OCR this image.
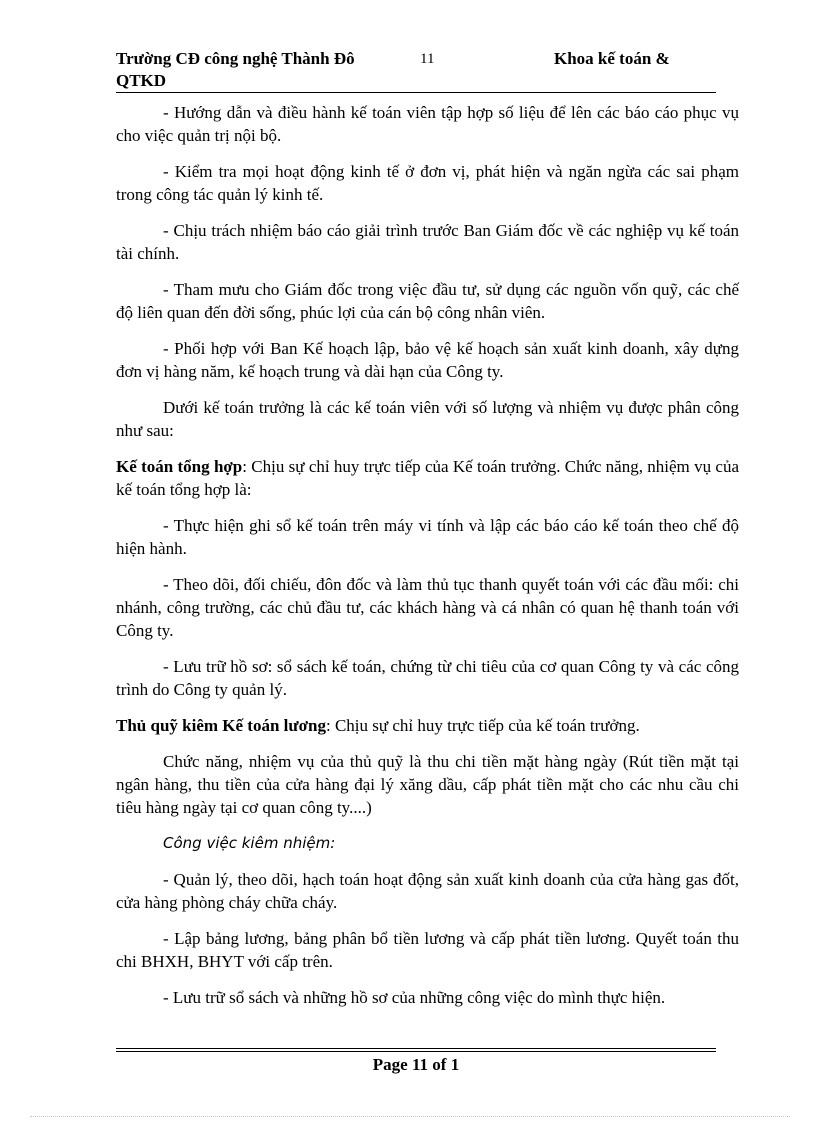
Trường CĐ công nghệ Thành Đô QTKD
11	Khoa kế toán &

- Hướng dẫn và điều hành kế toán viên tập hợp số liệu để lên các báo cáo phục vụ cho việc quản trị nội bộ.

- Kiểm tra mọi hoạt động kinh tế ở đơn vị, phát hiện và ngăn ngừa các sai phạm trong công tác quản lý kinh tế.

- Chịu trách nhiệm báo cáo giải trình trước Ban Giám đốc về các nghiệp vụ kế toán tài chính.

- Tham mưu cho Giám đốc trong việc đầu tư, sử dụng các nguồn vốn quỹ, các chế độ liên quan đến đời sống, phúc lợi của cán bộ công nhân viên.

- Phối hợp với Ban Kế hoạch lập, bảo vệ kế hoạch sản xuất kinh doanh, xây dựng đơn vị hàng năm, kế hoạch trung và dài hạn của Công ty.

Dưới kế toán trưởng là các kế toán viên với số lượng và nhiệm vụ được phân công như sau:

Kế toán tổng hợp: Chịu sự chỉ huy trực tiếp của Kế toán trưởng. Chức năng, nhiệm vụ của kế toán tổng hợp là:

- Thực hiện ghi sổ kế toán trên máy vi tính và lập các báo cáo kế toán theo chế độ hiện hành.

- Theo dõi, đối chiếu, đôn đốc và làm thủ tục thanh quyết toán với các đầu mối: chi nhánh, công trường, các chủ đầu tư, các khách hàng và cá nhân có quan hệ thanh toán với Công ty.

- Lưu trữ hồ sơ: sổ sách kế toán, chứng từ chi tiêu của cơ quan Công ty và các công trình do Công ty quản lý.

Thủ quỹ kiêm Kế toán lương: Chịu sự chỉ huy trực tiếp của kế toán trưởng.

Chức năng, nhiệm vụ của thủ quỹ là thu chi tiền mặt hàng ngày (Rút tiền mặt tại ngân hàng, thu tiền của cửa hàng đại lý xăng dầu, cấp phát tiền mặt cho các nhu cầu chi tiêu hàng ngày tại cơ quan công ty....)

Công việc kiêm nhiệm:

- Quản lý, theo dõi, hạch toán hoạt động sản xuất kinh doanh của cửa hàng gas đốt, cửa hàng phòng cháy chữa cháy.

- Lập bảng lương, bảng phân bổ tiền lương và cấp phát tiền lương. Quyết toán thu chi BHXH, BHYT với cấp trên.

- Lưu trữ sổ sách và những hồ sơ của những công việc do mình thực hiện.

Page 11 of 1
